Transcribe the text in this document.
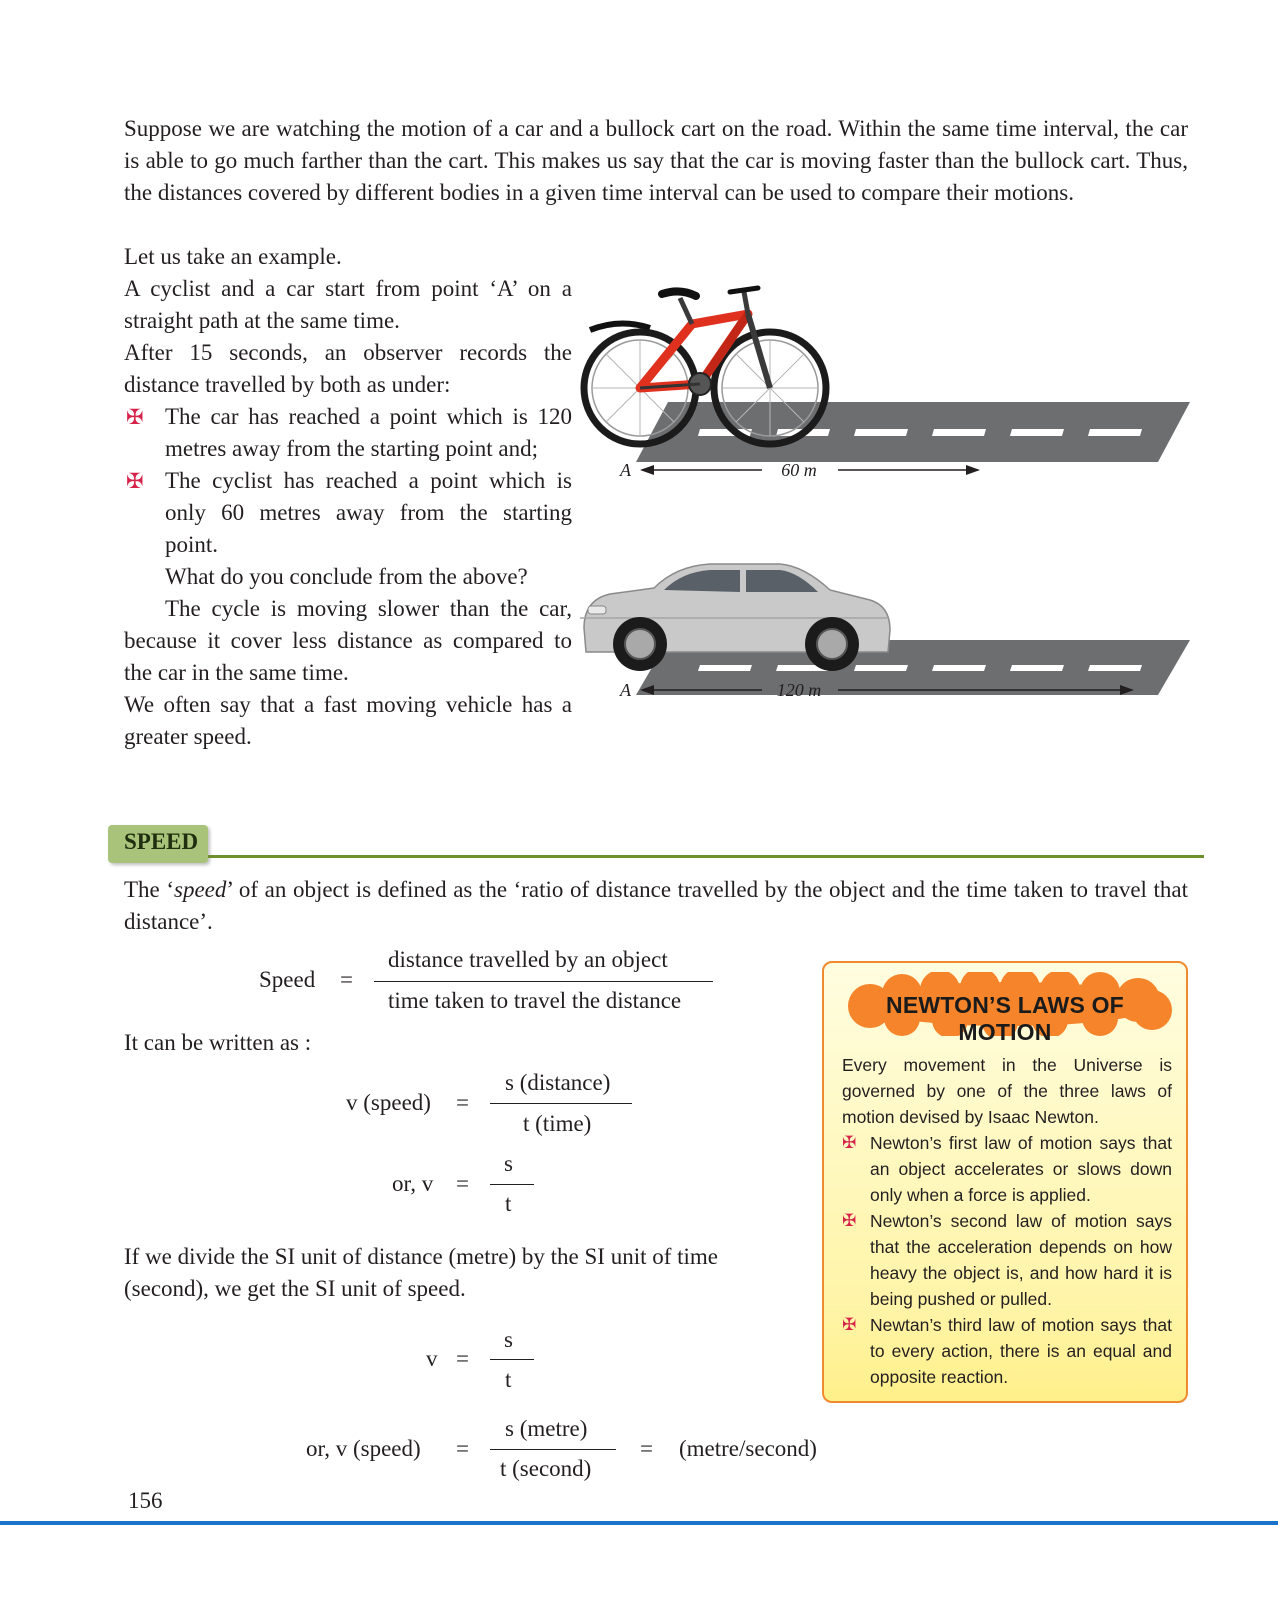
Suppose we are watching the motion of a car and a bullock cart on the road. Within the same time interval, the car is able to go much farther than the cart. This makes us say that the car is moving faster than the bullock cart. Thus, the distances covered by different bodies in a given time interval can be used to compare their motions.

Let us take an example.

A cyclist and a car start from point ‘A’ on a straight path at the same time.

After 15 seconds, an observer records the distance travelled by both as under:

✠ The car has reached a point which is 120 metres away from the starting point and;

✠ The cyclist has reached a point which is only 60 metres away from the starting point.

What do you conclude from the above?

The cycle is moving slower than the car, because it cover less distance as compared to the car in the same time.

We often say that a fast moving vehicle has a greater speed.

A	60 m
A	120 m
SPEED

The ‘speed’ of an object is defined as the ‘ratio of distance travelled by the object and the time taken to travel that distance’.

Speed =
distance travelled by an object
time taken to travel the distance
It can be written as :
v (speed) =
s (distance)
t (time)
or, v =
s
t

If we divide the SI unit of distance (metre) by the SI unit of time (second), we get the SI unit of speed.

v =
s
t
or, v (speed) =
s (metre)
t (second)
= (metre/second)
NEWTON’S LAWS OF MOTION

Every movement in the Universe is governed by one of the three laws of motion devised by Isaac Newton.

✠ Newton’s first law of motion says that an object accelerates or slows down only when a force is applied.

✠ Newton’s second law of motion says that the acceleration depends on how heavy the object is, and how hard it is being pushed or pulled.

✠ Newtan’s third law of motion says that to every action, there is an equal and opposite reaction.

156
